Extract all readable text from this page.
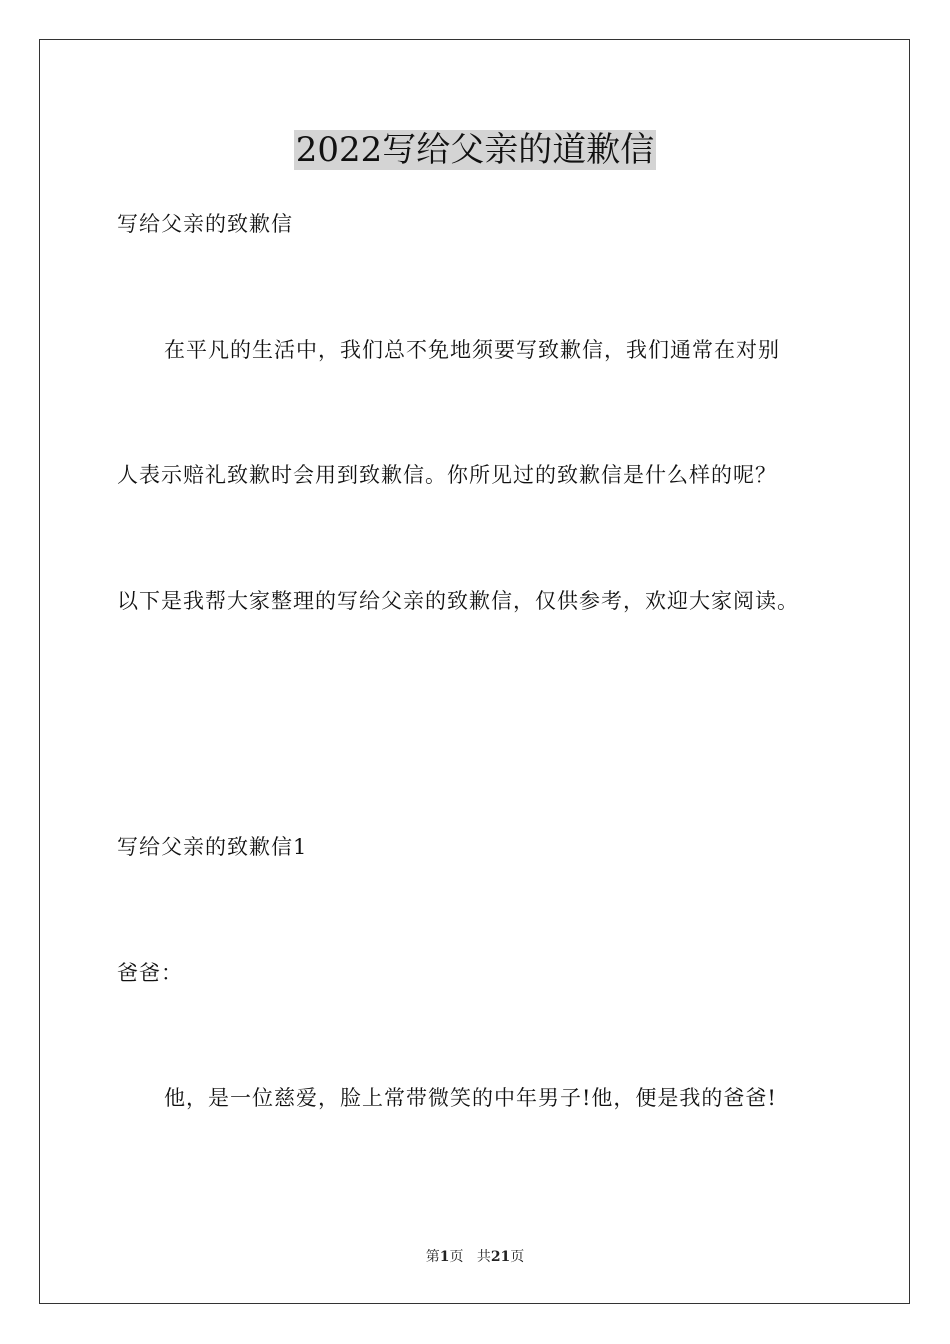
2022写给父亲的道歉信
写给父亲的致歉信
在平凡的生活中，我们总不免地须要写致歉信，我们通常在对别
人表示赔礼致歉时会用到致歉信。你所见过的致歉信是什么样的呢？
以下是我帮大家整理的写给父亲的致歉信，仅供参考，欢迎大家阅读。
写给父亲的致歉信1
爸爸：
他，是一位慈爱，脸上常带微笑的中年男子!他，便是我的爸爸!
第1页 共21页
